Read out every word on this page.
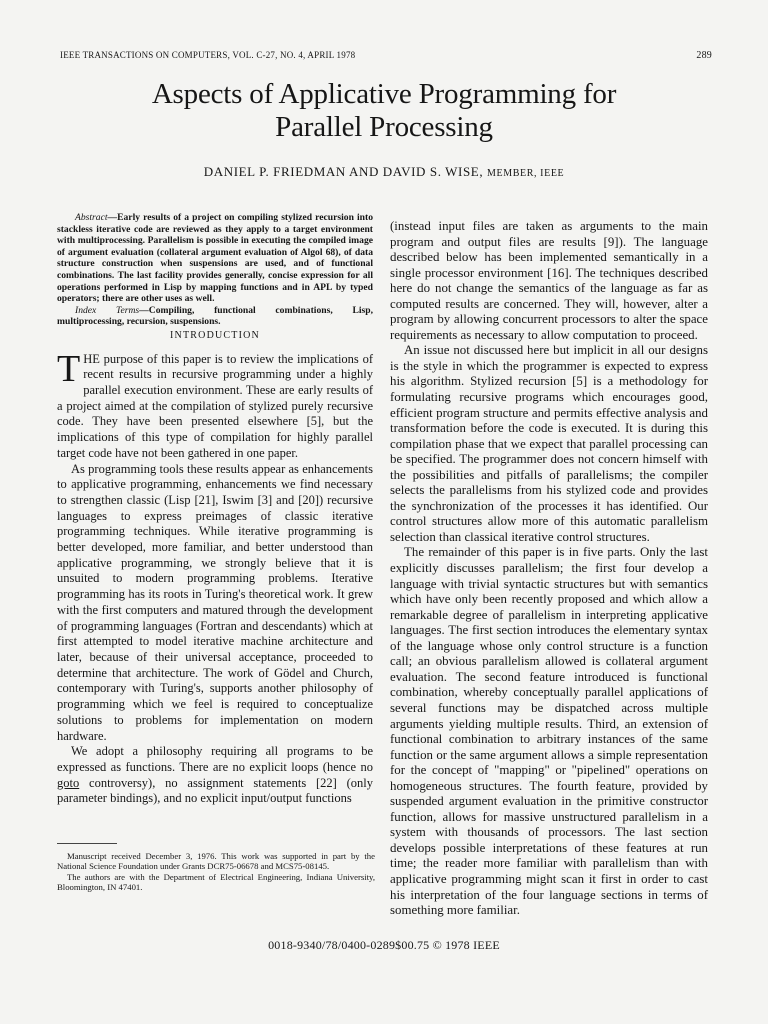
IEEE TRANSACTIONS ON COMPUTERS, VOL. C-27, NO. 4, APRIL 1978	289
Aspects of Applicative Programming for
Parallel Processing
DANIEL P. FRIEDMAN AND DAVID S. WISE, MEMBER, IEEE

Abstract—Early results of a project on compiling stylized recursion into stackless iterative code are reviewed as they apply to a target environment with multiprocessing. Parallelism is possible in executing the compiled image of argument evaluation (collateral argument evaluation of Algol 68), of data structure construction when suspensions are used, and of functional combinations. The last facility provides generally, concise expression for all operations performed in Lisp by mapping functions and in APL by typed operators; there are other uses as well.

Index Terms—Compiling, functional combinations, Lisp, multiprocessing, recursion, suspensions.

INTRODUCTION

THE purpose of this paper is to review the implications of recent results in recursive programming under a highly parallel execution environment. These are early results of a project aimed at the compilation of stylized purely recursive code. They have been presented elsewhere [5], but the implications of this type of compilation for highly parallel target code have not been gathered in one paper.

As programming tools these results appear as enhancements to applicative programming, enhancements we find necessary to strengthen classic (Lisp [21], Iswim [3] and [20]) recursive languages to express preimages of classic iterative programming techniques. While iterative programming is better developed, more familiar, and better understood than applicative programming, we strongly believe that it is unsuited to modern programming problems. Iterative programming has its roots in Turing's theoretical work. It grew with the first computers and matured through the development of programming languages (Fortran and descendants) which at first attempted to model iterative machine architecture and later, because of their universal acceptance, proceeded to determine that architecture. The work of Gödel and Church, contemporary with Turing's, supports another philosophy of programming which we feel is required to conceptualize solutions to problems for implementation on modern hardware.

We adopt a philosophy requiring all programs to be expressed as functions. There are no explicit loops (hence no goto controversy), no assignment statements [22] (only parameter bindings), and no explicit input/output functions

(instead input files are taken as arguments to the main program and output files are results [9]). The language described below has been implemented semantically in a single processor environment [16]. The techniques described here do not change the semantics of the language as far as computed results are concerned. They will, however, alter a program by allowing concurrent processors to alter the space requirements as necessary to allow computation to proceed.

An issue not discussed here but implicit in all our designs is the style in which the programmer is expected to express his algorithm. Stylized recursion [5] is a methodology for formulating recursive programs which encourages good, efficient program structure and permits effective analysis and transformation before the code is executed. It is during this compilation phase that we expect that parallel processing can be specified. The programmer does not concern himself with the possibilities and pitfalls of parallelisms; the compiler selects the parallelisms from his stylized code and provides the synchronization of the processes it has identified. Our control structures allow more of this automatic parallelism selection than classical iterative control structures.

The remainder of this paper is in five parts. Only the last explicitly discusses parallelism; the first four develop a language with trivial syntactic structures but with semantics which have only been recently proposed and which allow a remarkable degree of parallelism in interpreting applicative languages. The first section introduces the elementary syntax of the language whose only control structure is a function call; an obvious parallelism allowed is collateral argument evaluation. The second feature introduced is functional combination, whereby conceptually parallel applications of several functions may be dispatched across multiple arguments yielding multiple results. Third, an extension of functional combination to arbitrary instances of the same function or the same argument allows a simple representation for the concept of "mapping" or "pipelined" operations on homogeneous structures. The fourth feature, provided by suspended argument evaluation in the primitive constructor function, allows for massive unstructured parallelism in a system with thousands of processors. The last section develops possible interpretations of these features at run time; the reader more familiar with parallelism than with applicative programming might scan it first in order to cast his interpretation of the four language sections in terms of something more familiar.

Manuscript received December 3, 1976. This work was supported in part by the National Science Foundation under Grants DCR75-06678 and MCS75-08145.

The authors are with the Department of Electrical Engineering, Indiana University, Bloomington, IN 47401.

0018-9340/78/0400-0289$00.75 © 1978 IEEE
